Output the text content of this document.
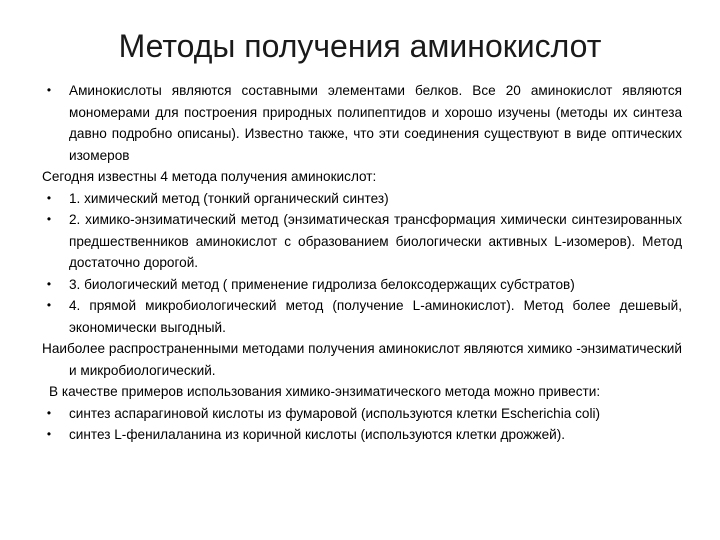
Методы получения аминокислот

•	Аминокислоты являются составными элементами белков. Все 20 аминокислот являются мономерами для построения природных полипептидов и хорошо изучены (методы их синтеза давно подробно описаны). Известно также, что эти соединения существуют в виде оптических изомеров

Сегодня известны 4 метода получения аминокислот:

•	1. химический метод (тонкий органический синтез)

•	2. химико-энзиматический метод (энзиматическая трансформация химически синтезированных предшественников аминокислот с образованием биологически активных L-изомеров). Метод достаточно дорогой.

•	3. биологический метод ( применение гидролиза белоксодержащих субстратов)

•	4. прямой микробиологический метод (получение L-аминокислот). Метод более дешевый, экономически выгодный.

Наиболее распространенными методами получения аминокислот являются химико -энзиматический и микробиологический.

В качестве примеров использования химико-энзиматического метода можно привести:

•	синтез аспарагиновой кислоты из фумаровой (используются клетки Escherichia coli)

•	синтез L-фенилаланина из коричной кислоты (используются клетки дрожжей).
